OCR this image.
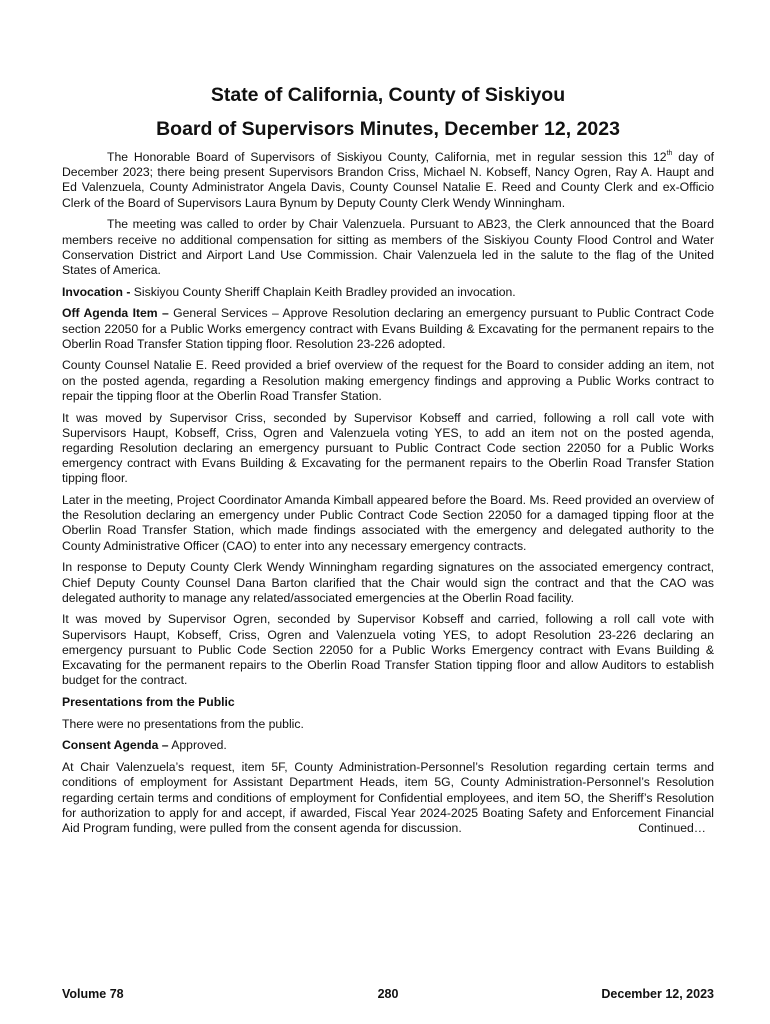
State of California, County of Siskiyou
Board of Supervisors Minutes, December 12, 2023

The Honorable Board of Supervisors of Siskiyou County, California, met in regular session this 12th day of December 2023; there being present Supervisors Brandon Criss, Michael N. Kobseff, Nancy Ogren, Ray A. Haupt and Ed Valenzuela, County Administrator Angela Davis, County Counsel Natalie E. Reed and County Clerk and ex-Officio Clerk of the Board of Supervisors Laura Bynum by Deputy County Clerk Wendy Winningham.

The meeting was called to order by Chair Valenzuela. Pursuant to AB23, the Clerk announced that the Board members receive no additional compensation for sitting as members of the Siskiyou County Flood Control and Water Conservation District and Airport Land Use Commission. Chair Valenzuela led in the salute to the flag of the United States of America.

Invocation - Siskiyou County Sheriff Chaplain Keith Bradley provided an invocation.

Off Agenda Item – General Services – Approve Resolution declaring an emergency pursuant to Public Contract Code section 22050 for a Public Works emergency contract with Evans Building & Excavating for the permanent repairs to the Oberlin Road Transfer Station tipping floor. Resolution 23-226 adopted.

County Counsel Natalie E. Reed provided a brief overview of the request for the Board to consider adding an item, not on the posted agenda, regarding a Resolution making emergency findings and approving a Public Works contract to repair the tipping floor at the Oberlin Road Transfer Station.

It was moved by Supervisor Criss, seconded by Supervisor Kobseff and carried, following a roll call vote with Supervisors Haupt, Kobseff, Criss, Ogren and Valenzuela voting YES, to add an item not on the posted agenda, regarding Resolution declaring an emergency pursuant to Public Contract Code section 22050 for a Public Works emergency contract with Evans Building & Excavating for the permanent repairs to the Oberlin Road Transfer Station tipping floor.

Later in the meeting, Project Coordinator Amanda Kimball appeared before the Board. Ms. Reed provided an overview of the Resolution declaring an emergency under Public Contract Code Section 22050 for a damaged tipping floor at the Oberlin Road Transfer Station, which made findings associated with the emergency and delegated authority to the County Administrative Officer (CAO) to enter into any necessary emergency contracts.

In response to Deputy County Clerk Wendy Winningham regarding signatures on the associated emergency contract, Chief Deputy County Counsel Dana Barton clarified that the Chair would sign the contract and that the CAO was delegated authority to manage any related/associated emergencies at the Oberlin Road facility.

It was moved by Supervisor Ogren, seconded by Supervisor Kobseff and carried, following a roll call vote with Supervisors Haupt, Kobseff, Criss, Ogren and Valenzuela voting YES, to adopt Resolution 23-226 declaring an emergency pursuant to Public Code Section 22050 for a Public Works Emergency contract with Evans Building & Excavating for the permanent repairs to the Oberlin Road Transfer Station tipping floor and allow Auditors to establish budget for the contract.

Presentations from the Public

There were no presentations from the public.

Consent Agenda – Approved.

At Chair Valenzuela’s request, item 5F, County Administration-Personnel’s Resolution regarding certain terms and conditions of employment for Assistant Department Heads, item 5G, County Administration-Personnel’s Resolution regarding certain terms and conditions of employment for Confidential employees, and item 5O, the Sheriff’s Resolution for authorization to apply for and accept, if awarded, Fiscal Year 2024-2025 Boating Safety and Enforcement Financial Aid Program funding, were pulled from the consent agenda for discussion.	Continued…

Volume 78	280	December 12, 2023
